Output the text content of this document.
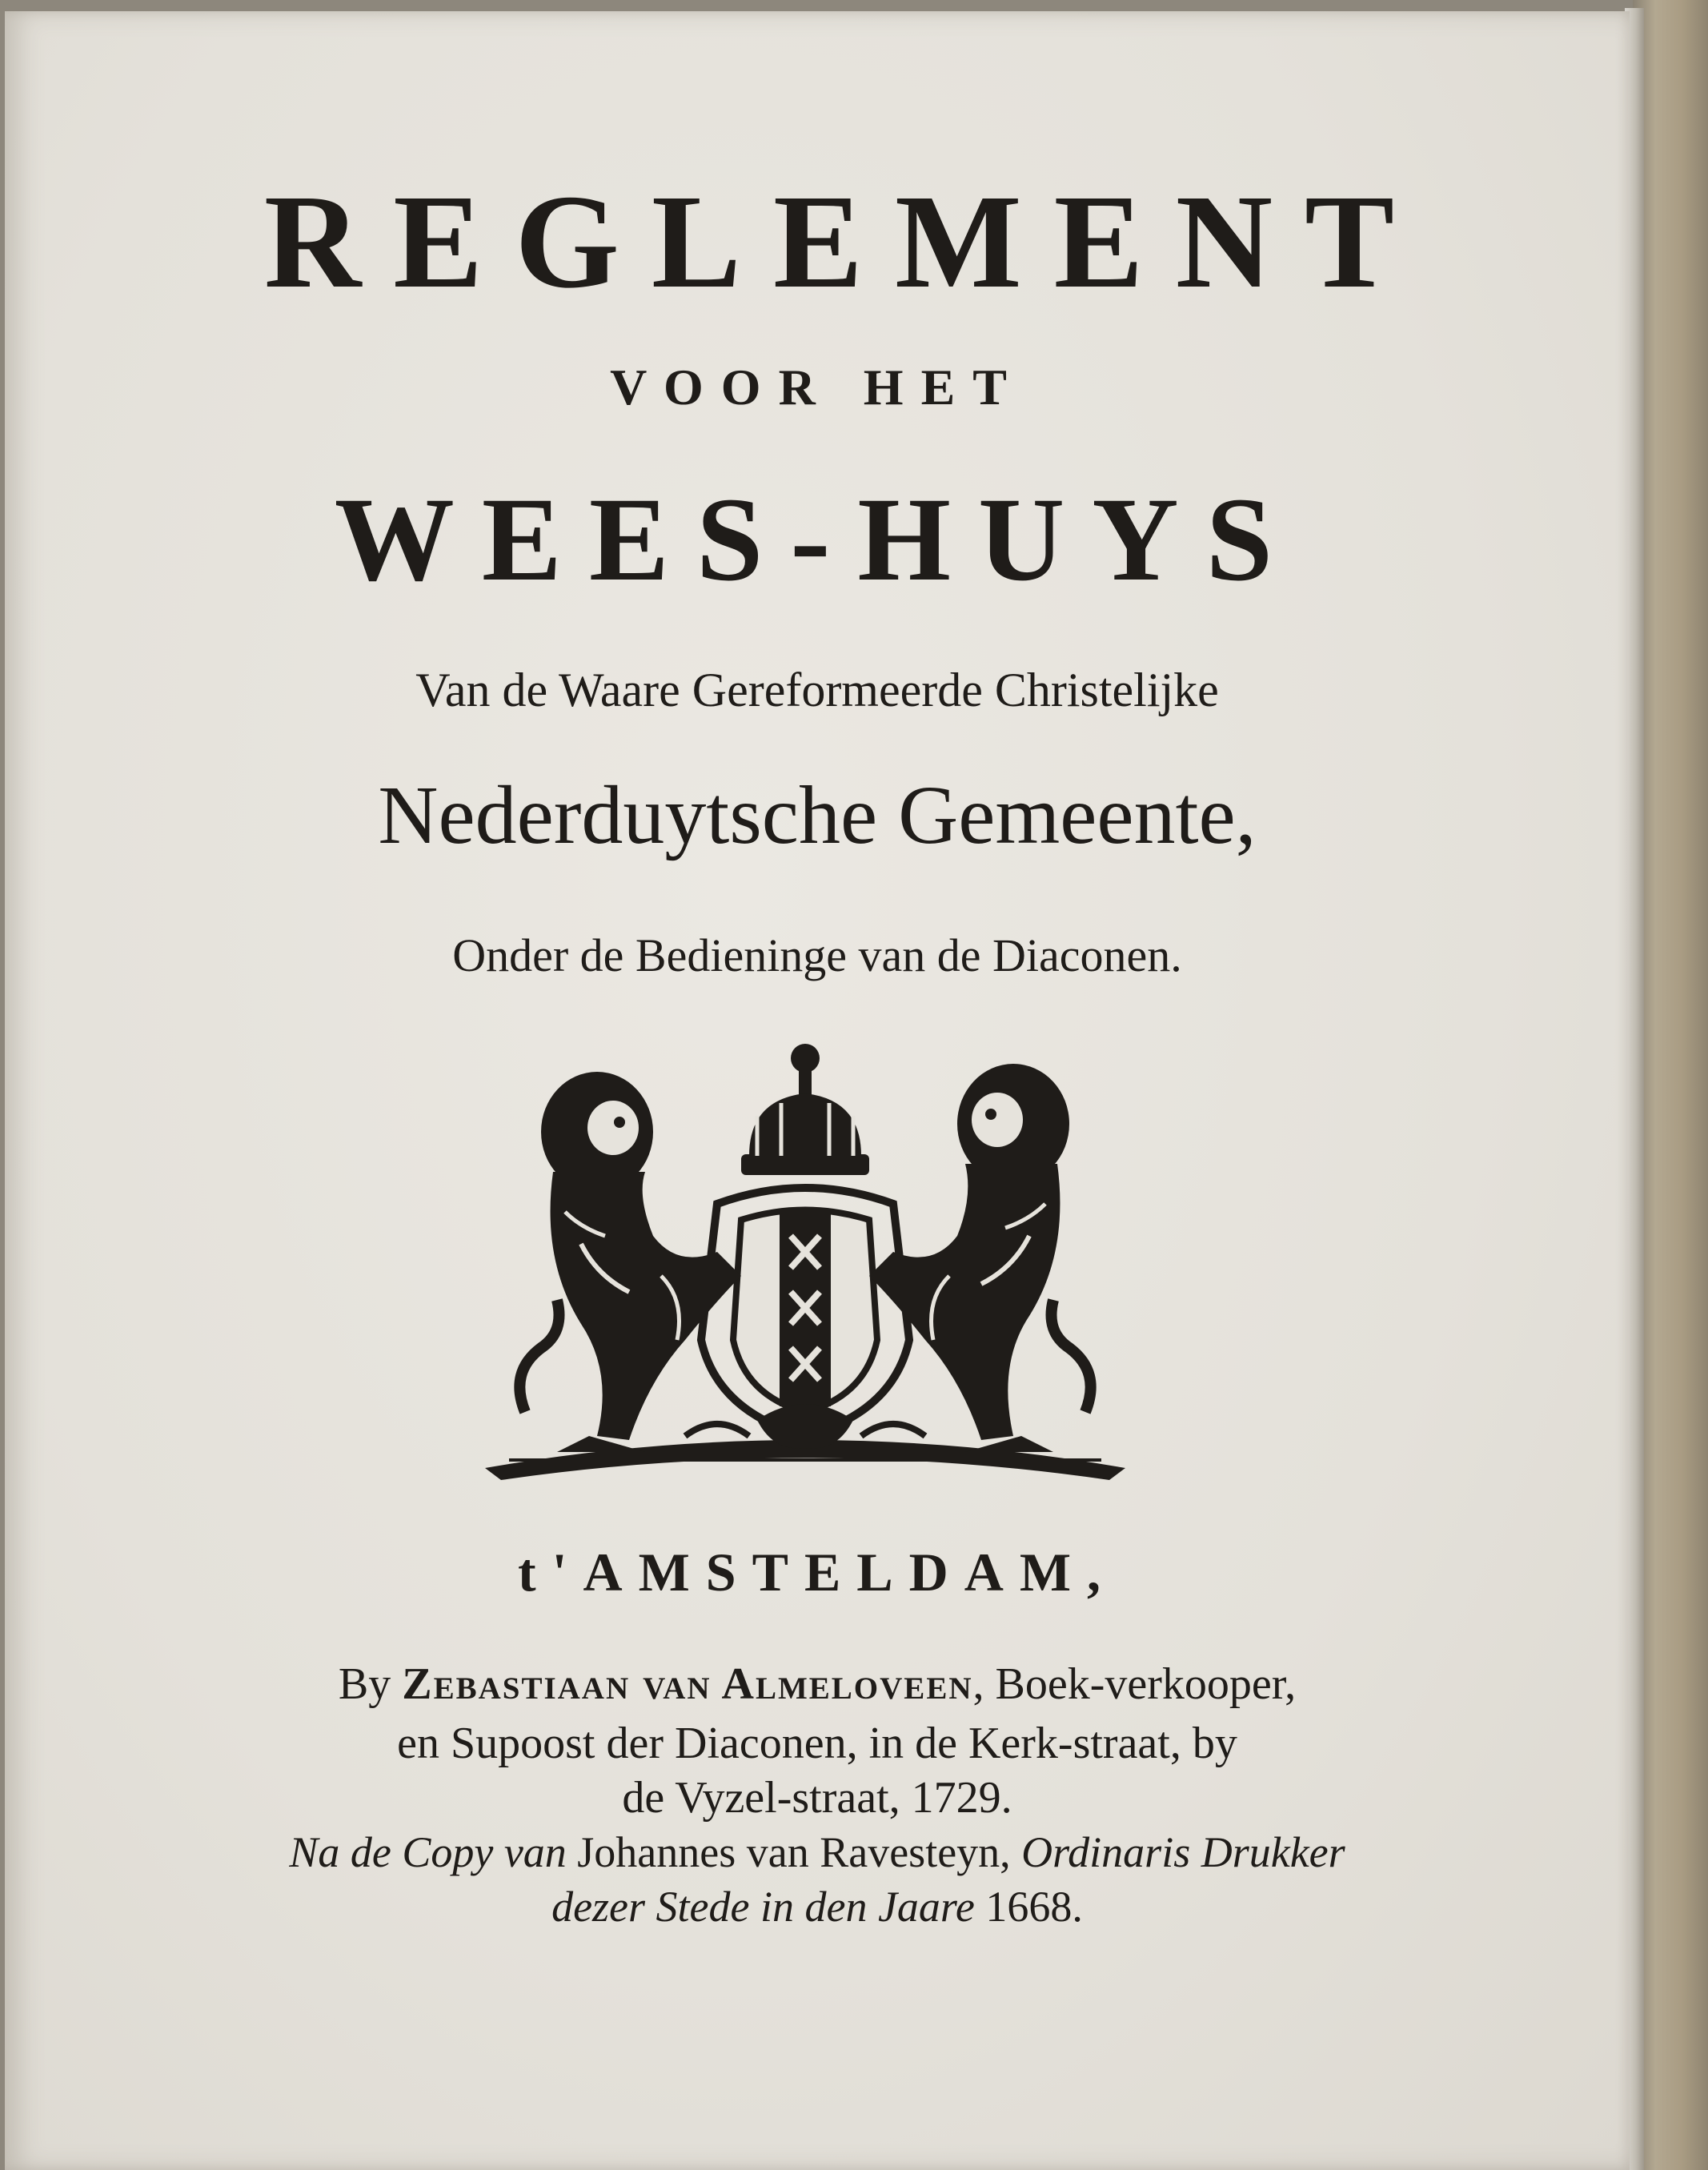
REGLEMENT

VOOR HET

WEES-HUYS

Van de Waare Gereformeerde Christelijke

Nederduytsche Gemeente,

Onder de Bedieninge van de Diaconen.

t'AMSTELDAM,

By Zebastiaan van Almeloveen, Boek-verkooper,

en Supoost der Diaconen, in de Kerk-straat, by

de Vyzel-straat, 1729.

Na de Copy van Johannes van Ravesteyn, Ordinaris Drukker

dezer Stede in den Jaare 1668.
